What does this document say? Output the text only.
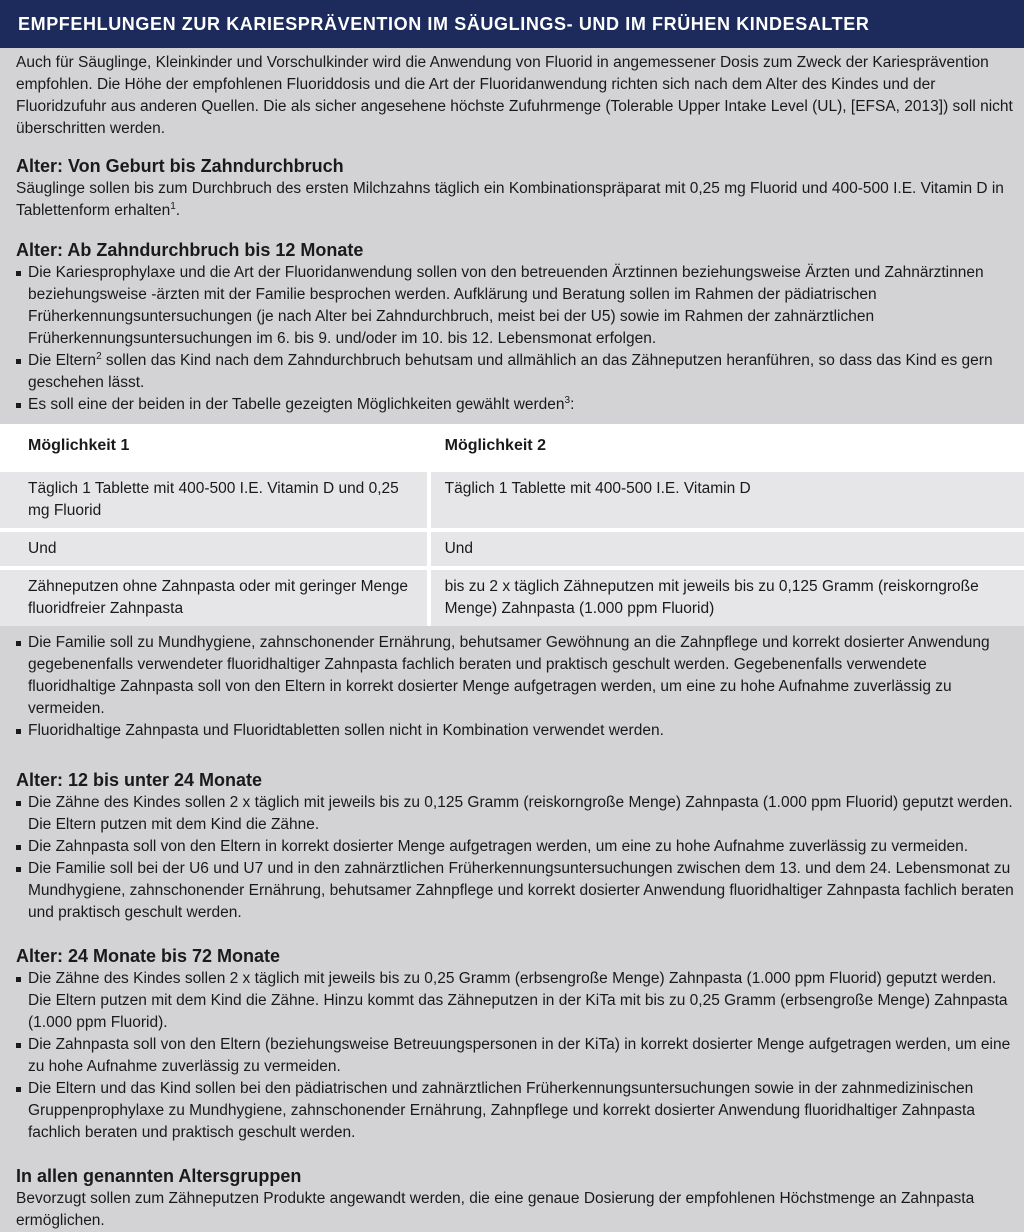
EMPFEHLUNGEN ZUR KARIESPRÄVENTION IM SÄUGLINGS- UND IM FRÜHEN KINDESALTER

Auch für Säuglinge, Kleinkinder und Vorschulkinder wird die Anwendung von Fluorid in angemessener Dosis zum Zweck der Kariesprävention empfohlen. Die Höhe der empfohlenen Fluoriddosis und die Art der Fluoridanwendung richten sich nach dem Alter des Kindes und der Fluoridzufuhr aus anderen Quellen. Die als sicher angesehene höchste Zufuhrmenge (Tolerable Upper Intake Level (UL), [EFSA, 2013]) soll nicht überschritten werden.

Alter: Von Geburt bis Zahndurchbruch

Säuglinge sollen bis zum Durchbruch des ersten Milchzahns täglich ein Kombinationspräparat mit 0,25 mg Fluorid und 400-500 I.E. Vitamin D in Tablettenform erhalten$^1$.

Alter: Ab Zahndurchbruch bis 12 Monate
Die Kariesprophylaxe und die Art der Fluoridanwendung sollen von den betreuenden Ärztinnen beziehungsweise Ärzten und Zahnärztinnen beziehungsweise -ärzten mit der Familie besprochen werden. Aufklärung und Beratung sollen im Rahmen der pädiatrischen Früherkennungsuntersuchungen (je nach Alter bei Zahndurchbruch, meist bei der U5) sowie im Rahmen der zahnärztlichen Früherkennungsuntersuchungen im 6. bis 9. und/oder im 10. bis 12. Lebensmonat erfolgen.
Die Eltern$^2$ sollen das Kind nach dem Zahndurchbruch behutsam und allmählich an das Zähneputzen heranführen, so dass das Kind es gern geschehen lässt.
Es soll eine der beiden in der Tabelle gezeigten Möglichkeiten gewählt werden$^3$:
Möglichkeit 1	Möglichkeit 2
Täglich 1 Tablette mit 400-500 I.E. Vitamin D und 0,25 mg Fluorid	Täglich 1 Tablette mit 400-500 I.E. Vitamin D
Und	Und
Zähneputzen ohne Zahnpasta oder mit geringer Menge fluoridfreier Zahnpasta	bis zu 2 x täglich Zähneputzen mit jeweils bis zu 0,125 Gramm (reiskorngroße Menge) Zahnpasta (1.000 ppm Fluorid)
Die Familie soll zu Mundhygiene, zahnschonender Ernährung, behutsamer Gewöhnung an die Zahnpflege und korrekt dosierter Anwendung gegebenenfalls verwendeter fluoridhaltiger Zahnpasta fachlich beraten und praktisch geschult werden. Gegebenenfalls verwendete fluoridhaltige Zahnpasta soll von den Eltern in korrekt dosierter Menge aufgetragen werden, um eine zu hohe Aufnahme zuverlässig zu vermeiden.
Fluoridhaltige Zahnpasta und Fluoridtabletten sollen nicht in Kombination verwendet werden.
Alter: 12 bis unter 24 Monate
Die Zähne des Kindes sollen 2 x täglich mit jeweils bis zu 0,125 Gramm (reiskorngroße Menge) Zahnpasta (1.000 ppm Fluorid) geputzt werden. Die Eltern putzen mit dem Kind die Zähne.
Die Zahnpasta soll von den Eltern in korrekt dosierter Menge aufgetragen werden, um eine zu hohe Aufnahme zuverlässig zu vermeiden.
Die Familie soll bei der U6 und U7 und in den zahnärztlichen Früherkennungsuntersuchungen zwischen dem 13. und dem 24. Lebensmonat zu Mundhygiene, zahnschonender Ernährung, behutsamer Zahnpflege und korrekt dosierter Anwendung fluoridhaltiger Zahnpasta fachlich beraten und praktisch geschult werden.
Alter: 24 Monate bis 72 Monate
Die Zähne des Kindes sollen 2 x täglich mit jeweils bis zu 0,25 Gramm (erbsengroße Menge) Zahnpasta (1.000 ppm Fluorid) geputzt werden. Die Eltern putzen mit dem Kind die Zähne. Hinzu kommt das Zähneputzen in der KiTa mit bis zu 0,25 Gramm (erbsengroße Menge) Zahnpasta (1.000 ppm Fluorid).
Die Zahnpasta soll von den Eltern (beziehungsweise Betreuungspersonen in der KiTa) in korrekt dosierter Menge aufgetragen werden, um eine zu hohe Aufnahme zuverlässig zu vermeiden.
Die Eltern und das Kind sollen bei den pädiatrischen und zahnärztlichen Früherkennungsuntersuchungen sowie in der zahnmedizinischen Gruppenprophylaxe zu Mundhygiene, zahnschonender Ernährung, Zahnpflege und korrekt dosierter Anwendung fluoridhaltiger Zahnpasta fachlich beraten und praktisch geschult werden.
In allen genannten Altersgruppen

Bevorzugt sollen zum Zähneputzen Produkte angewandt werden, die eine genaue Dosierung der empfohlenen Höchstmenge an Zahnpasta ermöglichen.
